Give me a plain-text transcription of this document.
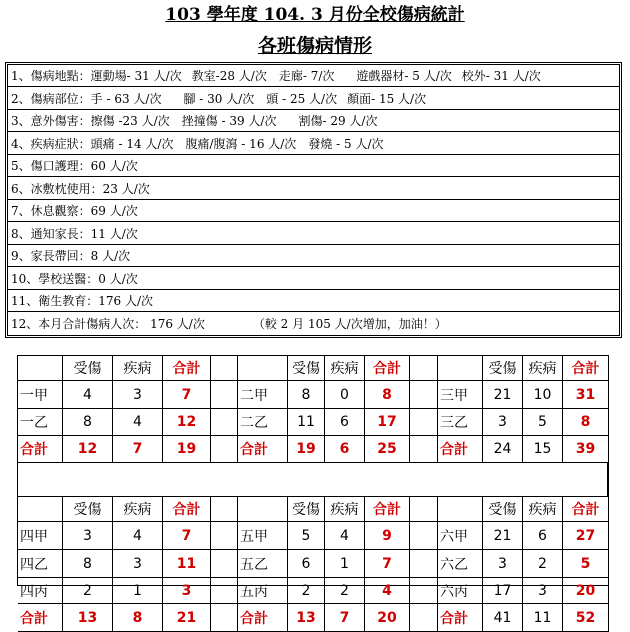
103 學年度 104. 3 月份全校傷病統計
各班傷病情形
1、傷病地點：運動場- 31 人/次 教室-28 人/次 走廊- 7/次 遊戲器材- 5 人/次 校外- 31 人/次
2、傷病部位：手 - 63 人/次 腳 - 30 人/次 頭 - 25 人/次 顏面- 15 人/次
3、意外傷害：擦傷 -23 人/次 挫撞傷 - 39 人/次 割傷- 29 人/次
4、疾病症狀：頭痛 - 14 人/次 腹痛/腹瀉 - 16 人/次 發燒 - 5 人/次
5、傷口護理：60 人/次
6、冰敷枕使用：23 人/次
7、休息觀察：69 人/次
8、通知家長：11 人/次
9、家長帶回：8 人/次
10、學校送醫：0 人/次
11、衛生教育：176 人/次
12、本月合計傷病人次： 176 人/次	（較 2 月 105 人/次增加，加油！）
受傷	疾病	合計
一甲	4	3	7
一乙	8	4	12
合計	12	7	19
受傷 疾病	合計
二甲	8	0	8
二乙	11	6	17
合計	19	6	25
受傷 疾病	合計
三甲	21	10	31
三乙	3	5	8
合計	24	15	39
受傷	疾病	合計
四甲	3	4	7
四乙	8	3	11
四丙	2	1	3
合計	13	8	21
受傷 疾病	合計
五甲	5	4	9
五乙	6	1	7
五丙	2	2	4
合計	13	7	20
受傷 疾病	合計
六甲	21	6	27
六乙	3	2	5
六丙	17	3	20
合計	41	11	52
